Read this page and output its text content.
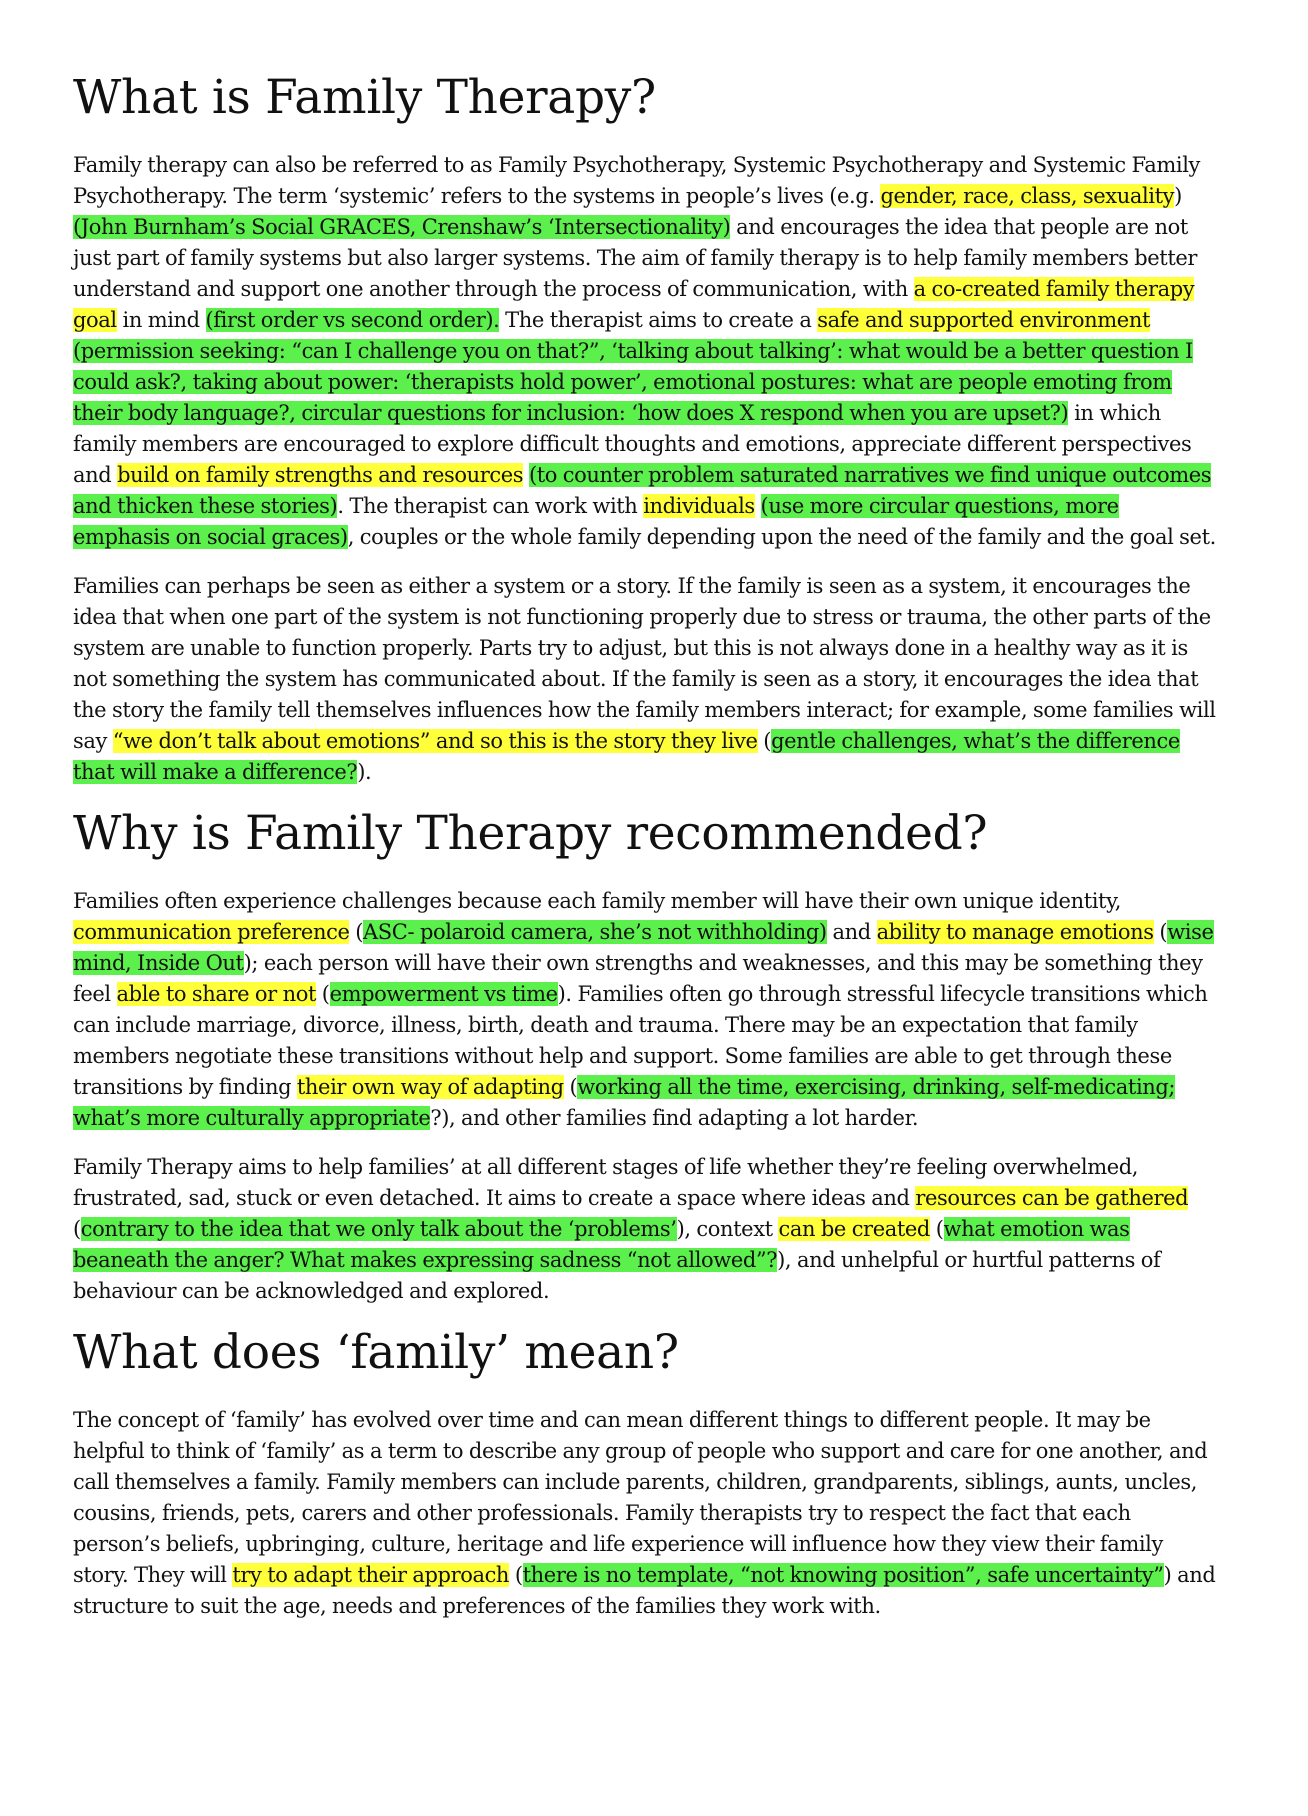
What is Family Therapy?

Family therapy can also be referred to as Family Psychotherapy, Systemic Psychotherapy and Systemic Family Psychotherapy. The term ‘systemic’ refers to the systems in people’s lives (e.g. gender, race, class, sexuality) (John Burnham’s Social GRACES, Crenshaw’s ‘Intersectionality) and encourages the idea that people are not just part of family systems but also larger systems. The aim of family therapy is to help family members better understand and support one another through the process of communication, with a co-created family therapy goal in mind (first order vs second order). The therapist aims to create a safe and supported environment (permission seeking: “can I challenge you on that?”, ‘talking about talking’: what would be a better question I could ask?, taking about power: ‘therapists hold power’, emotional postures: what are people emoting from their body language?, circular questions for inclusion: ‘how does X respond when you are upset?) in which family members are encouraged to explore difficult thoughts and emotions, appreciate different perspectives and build on family strengths and resources (to counter problem saturated narratives we find unique outcomes and thicken these stories). The therapist can work with individuals (use more circular questions, more emphasis on social graces), couples or the whole family depending upon the need of the family and the goal set.

Families can perhaps be seen as either a system or a story. If the family is seen as a system, it encourages the idea that when one part of the system is not functioning properly due to stress or trauma, the other parts of the system are unable to function properly. Parts try to adjust, but this is not always done in a healthy way as it is not something the system has communicated about. If the family is seen as a story, it encourages the idea that the story the family tell themselves influences how the family members interact; for example, some families will say “we don’t talk about emotions” and so this is the story they live (gentle challenges, what’s the difference that will make a difference?).

Why is Family Therapy recommended?

Families often experience challenges because each family member will have their own unique identity, communication preference (ASC- polaroid camera, she’s not withholding) and ability to manage emotions (wise mind, Inside Out); each person will have their own strengths and weaknesses, and this may be something they feel able to share or not (empowerment vs time). Families often go through stressful lifecycle transitions which can include marriage, divorce, illness, birth, death and trauma. There may be an expectation that family members negotiate these transitions without help and support. Some families are able to get through these transitions by finding their own way of adapting (working all the time, exercising, drinking, self-medicating; what’s more culturally appropriate?), and other families find adapting a lot harder.

Family Therapy aims to help families’ at all different stages of life whether they’re feeling overwhelmed, frustrated, sad, stuck or even detached. It aims to create a space where ideas and resources can be gathered (contrary to the idea that we only talk about the ‘problems’), context can be created (what emotion was beaneath the anger? What makes expressing sadness “not allowed”?), and unhelpful or hurtful patterns of behaviour can be acknowledged and explored.

What does ‘family’ mean?

The concept of ‘family’ has evolved over time and can mean different things to different people. It may be helpful to think of ‘family’ as a term to describe any group of people who support and care for one another, and call themselves a family. Family members can include parents, children, grandparents, siblings, aunts, uncles, cousins, friends, pets, carers and other professionals. Family therapists try to respect the fact that each person’s beliefs, upbringing, culture, heritage and life experience will influence how they view their family story. They will try to adapt their approach (there is no template, “not knowing position”, safe uncertainty”) and structure to suit the age, needs and preferences of the families they work with.
